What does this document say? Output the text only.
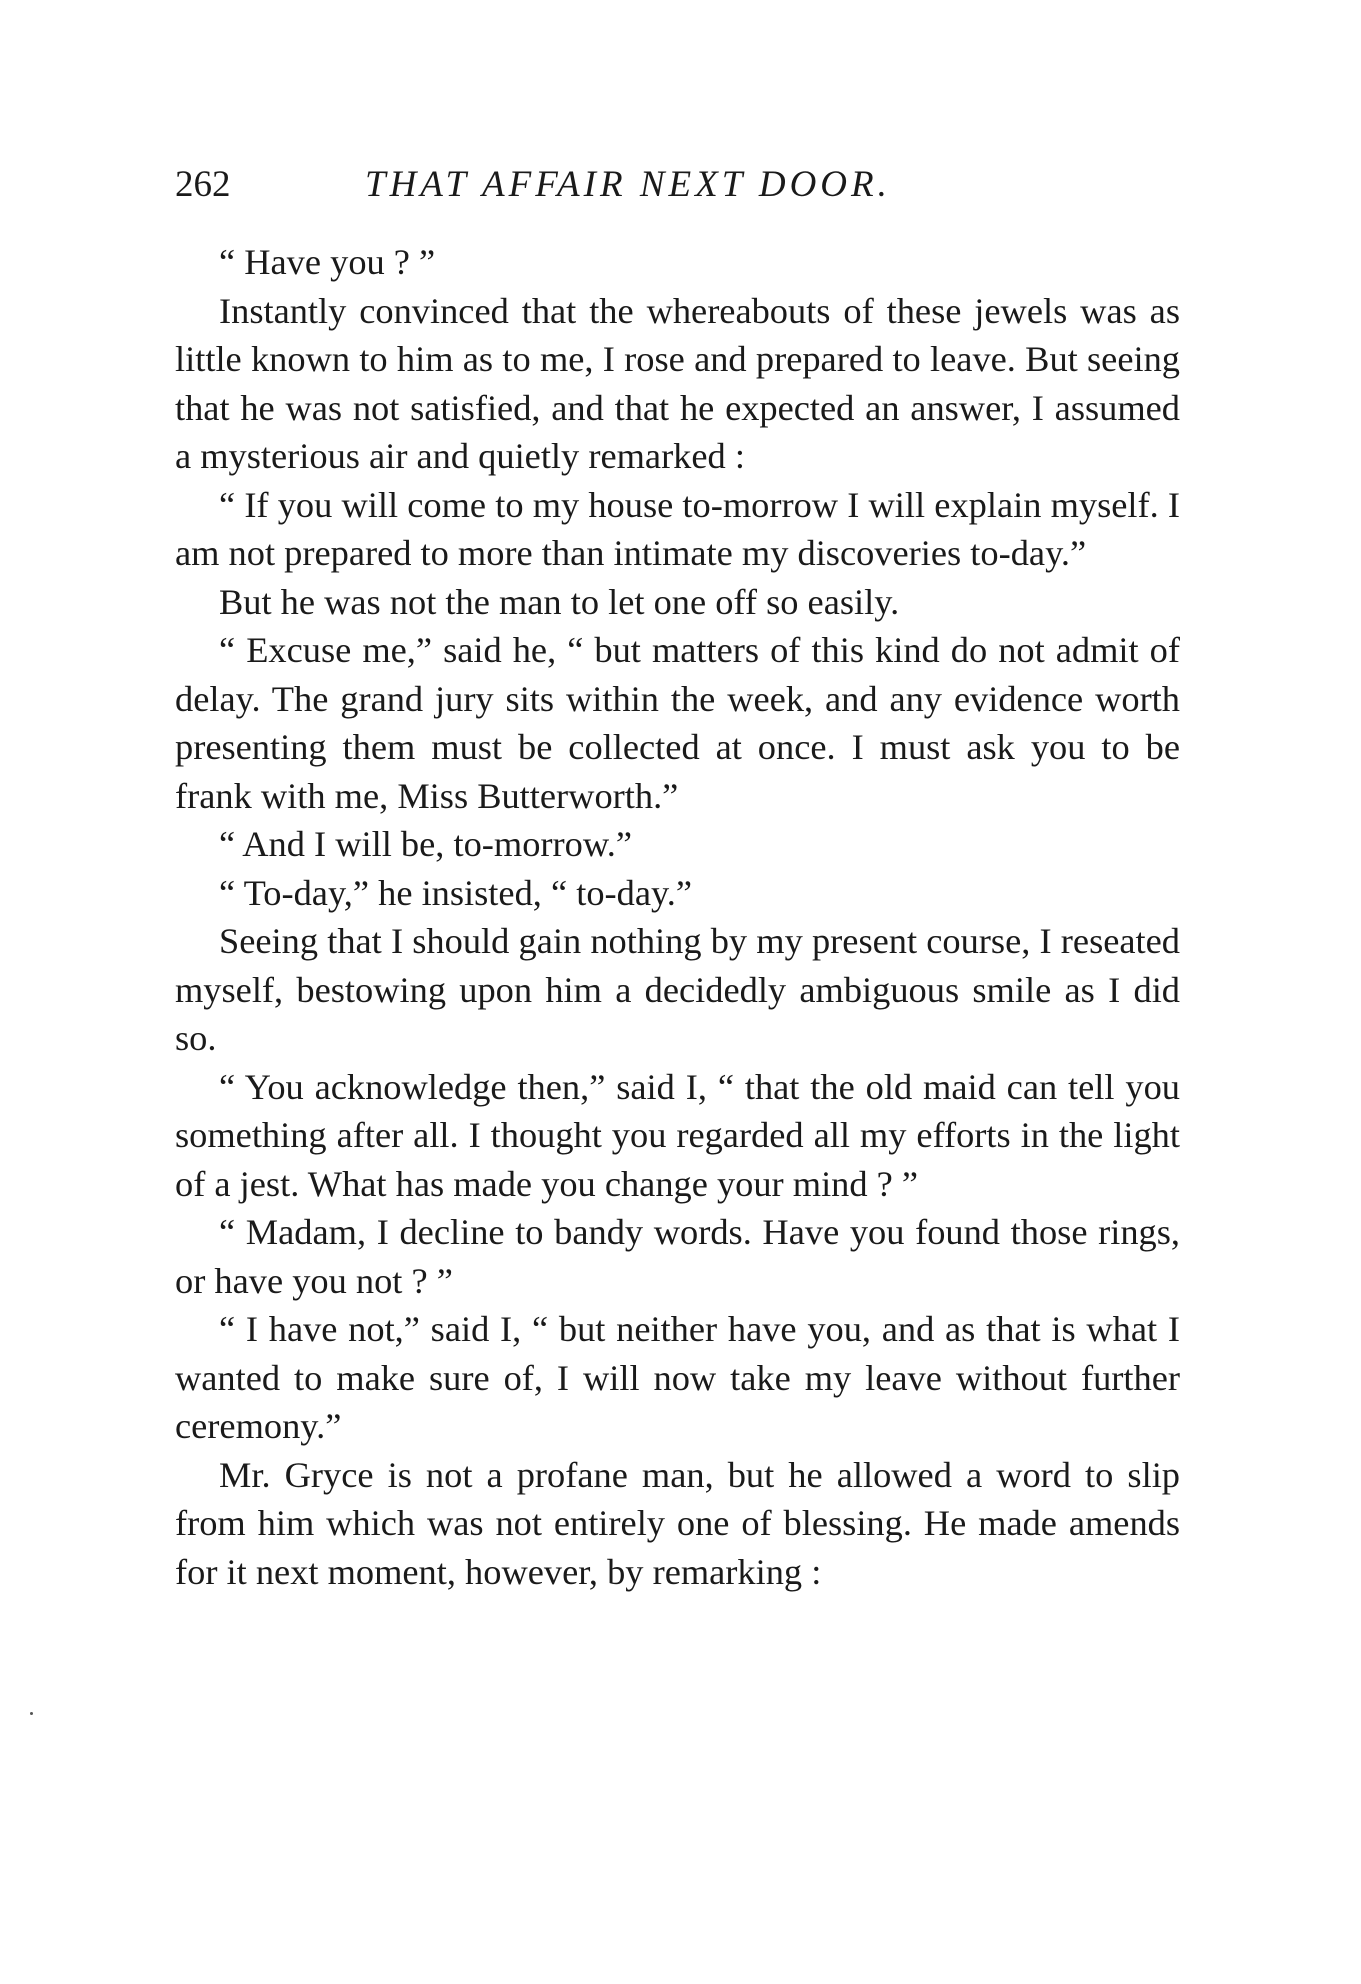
262	THAT AFFAIR NEXT DOOR.

“ Have you ? ”

Instantly convinced that the whereabouts of these jewels was as little known to him as to me, I rose and prepared to leave. But seeing that he was not satisfied, and that he expected an answer, I assumed a mysterious air and quietly remarked :

“ If you will come to my house to-morrow I will explain myself. I am not prepared to more than intimate my discoveries to-day.”

But he was not the man to let one off so easily.

“ Excuse me,” said he, “ but matters of this kind do not admit of delay. The grand jury sits within the week, and any evidence worth presenting them must be collected at once. I must ask you to be frank with me, Miss Butterworth.”

“ And I will be, to-morrow.”

“ To-day,” he insisted, “ to-day.”

Seeing that I should gain nothing by my present course, I reseated myself, bestowing upon him a decidedly ambiguous smile as I did so.

“ You acknowledge then,” said I, “ that the old maid can tell you something after all. I thought you regarded all my efforts in the light of a jest. What has made you change your mind ? ”

“ Madam, I decline to bandy words. Have you found those rings, or have you not ? ”

“ I have not,” said I, “ but neither have you, and as that is what I wanted to make sure of, I will now take my leave without further ceremony.”

Mr. Gryce is not a profane man, but he allowed a word to slip from him which was not entirely one of blessing. He made amends for it next moment, however, by remarking :
